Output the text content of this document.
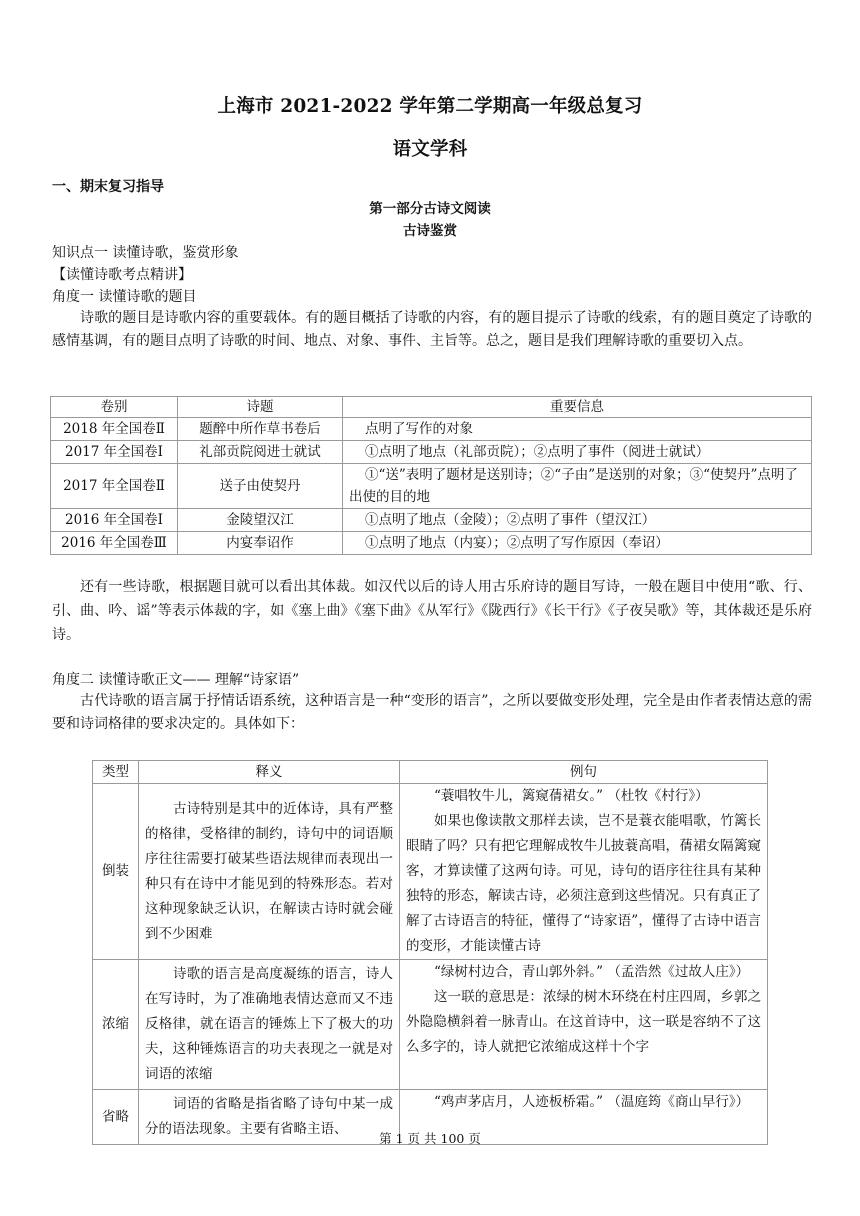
上海市 2021-2022 学年第二学期高一年级总复习
语文学科
一、期末复习指导
第一部分古诗文阅读
古诗鉴赏
知识点一 读懂诗歌，鉴赏形象
【读懂诗歌考点精讲】
角度一 读懂诗歌的题目
诗歌的题目是诗歌内容的重要载体。有的题目概括了诗歌的内容，有的题目提示了诗歌的线索，有的题目奠定了诗歌的感情基调，有的题目点明了诗歌的时间、地点、对象、事件、主旨等。总之，题目是我们理解诗歌的重要切入点。
卷别	诗题	重要信息
2018 年全国卷Ⅱ	题醉中所作草书卷后	点明了写作的对象
2017 年全国卷Ⅰ	礼部贡院阅进士就试	①点明了地点（礼部贡院）；②点明了事件（阅进士就试）
2017 年全国卷Ⅱ	送子由使契丹	①“送”表明了题材是送别诗；②“子由”是送别的对象；③“使契丹”点明了出使的目的地
2016 年全国卷Ⅰ	金陵望汉江	①点明了地点（金陵）；②点明了事件（望汉江）
2016 年全国卷Ⅲ	内宴奉诏作	①点明了地点（内宴）；②点明了写作原因（奉诏）
还有一些诗歌，根据题目就可以看出其体裁。如汉代以后的诗人用古乐府诗的题目写诗，一般在题目中使用“歌、行、引、曲、吟、谣”等表示体裁的字，如《塞上曲》《塞下曲》《从军行》《陇西行》《长干行》《子夜吴歌》等，其体裁还是乐府诗。
角度二 读懂诗歌正文—— 理解“诗家语”
古代诗歌的语言属于抒情话语系统，这种语言是一种“变形的语言”，之所以要做变形处理，完全是由作者表情达意的需要和诗词格律的要求决定的。具体如下：
类型	释义	例句
倒装	古诗特别是其中的近体诗，具有严整的格律，受格律的制约，诗句中的词语顺序往往需要打破某些语法规律而表现出一种只有在诗中才能见到的特殊形态。若对这种现象缺乏认识，在解读古诗时就会碰到不少困难	“蓑唱牧牛儿，篱窥蒨裙女。” （杜牧《村行》）
如果也像读散文那样去读，岂不是蓑衣能唱歌，竹篱长眼睛了吗？只有把它理解成牧牛儿披蓑高唱，蒨裙女隔篱窥客，才算读懂了这两句诗。可见，诗句的语序往往具有某种独特的形态，解读古诗，必须注意到这些情况。只有真正了解了古诗语言的特征，懂得了“诗家语”，懂得了古诗中语言的变形，才能读懂古诗

浓缩	诗歌的语言是高度凝练的语言，诗人在写诗时，为了准确地表情达意而又不违反格律，就在语言的锤炼上下了极大的功夫，这种锤炼语言的功夫表现之一就是对词语的浓缩	“绿树村边合，青山郭外斜。” （孟浩然《过故人庄》）
这一联的意思是：浓绿的树木环绕在村庄四周，乡郭之外隐隐横斜着一脉青山。在这首诗中，这一联是容纳不了这么多字的，诗人就把它浓缩成这样十个字

省略	词语的省略是指省略了诗句中某一成分的语法现象。主要有省略主语、	“鸡声茅店月，人迹板桥霜。” （温庭筠《商山早行》）
第 1 页 共 100 页
